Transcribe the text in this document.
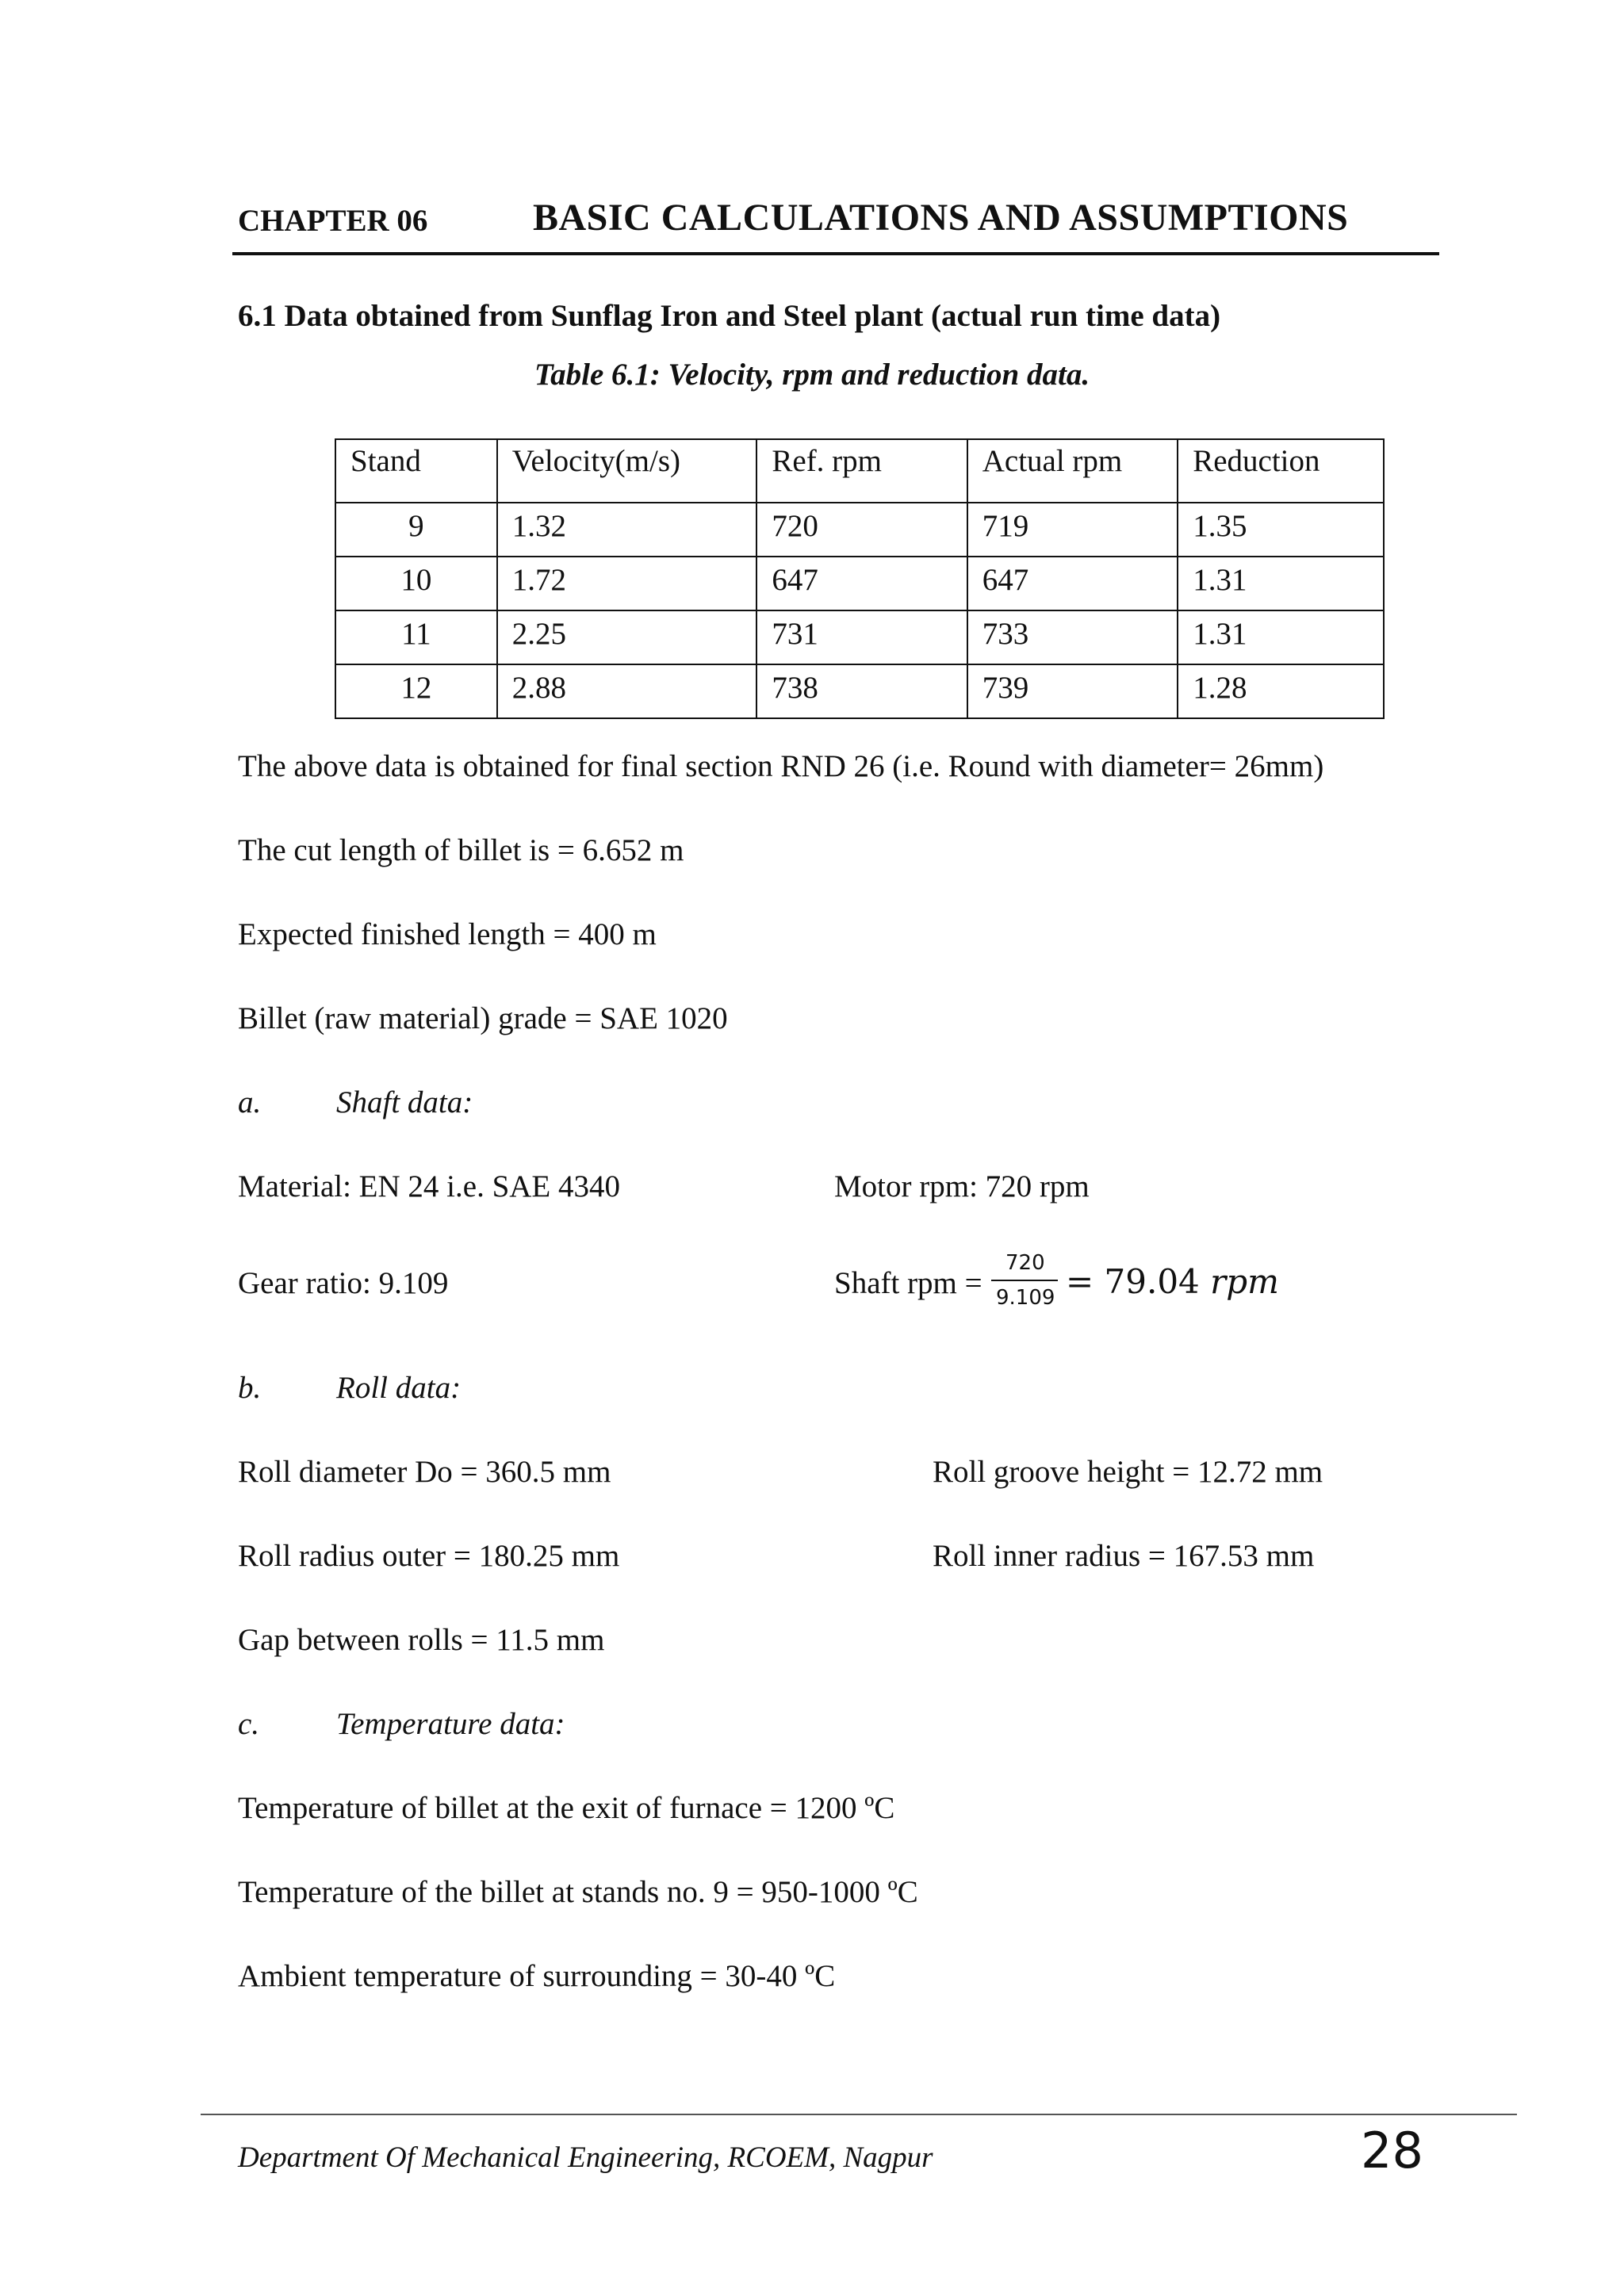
CHAPTER 06	BASIC CALCULATIONS AND ASSUMPTIONS
6.1 Data obtained from Sunflag Iron and Steel plant (actual run time data)
Table 6.1: Velocity, rpm and reduction data.
Stand	Velocity(m/s)	Ref. rpm	Actual rpm	Reduction
9	1.32	720	719	1.35
10	1.72	647	647	1.31
11	2.25	731	733	1.31
12	2.88	738	739	1.28
The above data is obtained for final section RND 26 (i.e. Round with diameter= 26mm)
The cut length of billet is = 6.652 m
Expected finished length = 400 m
Billet (raw material) grade = SAE 1020
a. Shaft data:
Material: EN 24 i.e. SAE 4340	Motor rpm: 720 rpm
Gear ratio: 9.109	Shaft rpm =
720
9.109 = 79.04 rpm
b. Roll data:
Roll diameter Do = 360.5 mm	Roll groove height = 12.72 mm
Roll radius outer = 180.25 mm	Roll inner radius = 167.53 mm
Gap between rolls = 11.5 mm
c. Temperature data:
Temperature of billet at the exit of furnace = 1200 ºC
Temperature of the billet at stands no. 9 = 950-1000 ºC
Ambient temperature of surrounding = 30-40 ºC
Department Of Mechanical Engineering, RCOEM, Nagpur	28
